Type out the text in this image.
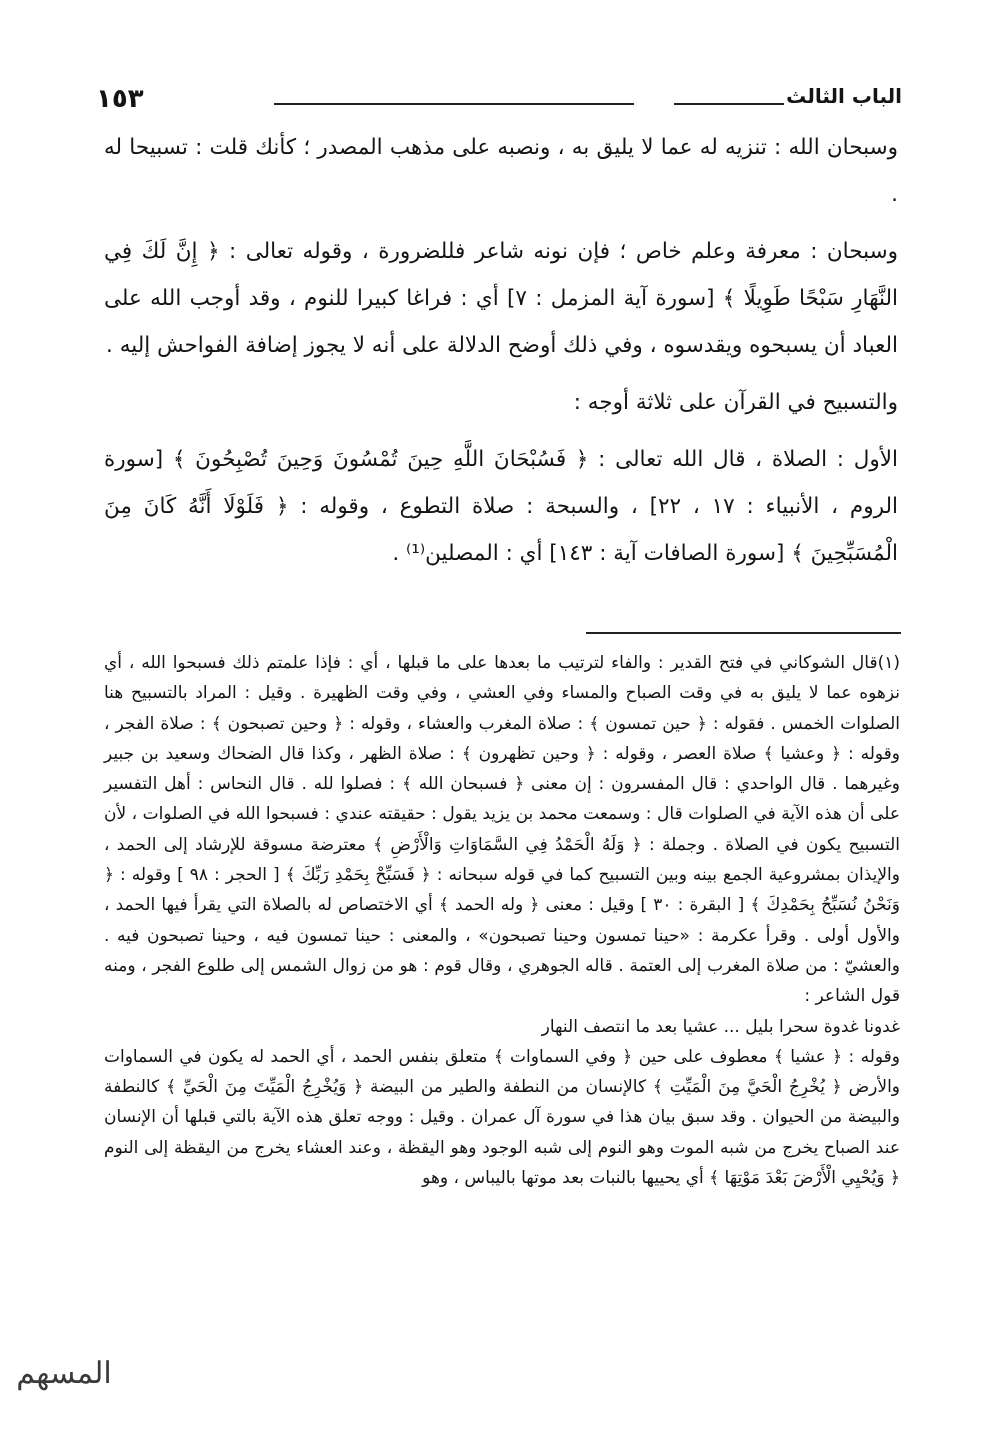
١٥٣	الباب الثالث

وسبحان الله : تنزيه له عما لا يليق به ، ونصبه على مذهب المصدر ؛ كأنك قلت : تسبيحا له .

وسبحان : معرفة وعلم خاص ؛ فإن نونه شاعر فللضرورة ، وقوله تعالى : ﴿ إِنَّ لَكَ فِي النَّهَارِ سَبْحًا طَوِيلًا ﴾ [سورة آية المزمل : ٧] أي : فراغا كبيرا للنوم ، وقد أوجب الله على العباد أن يسبحوه ويقدسوه ، وفي ذلك أوضح الدلالة على أنه لا يجوز إضافة الفواحش إليه .

والتسبيح في القرآن على ثلاثة أوجه :

الأول : الصلاة ، قال الله تعالى : ﴿ فَسُبْحَانَ اللَّهِ حِينَ تُمْسُونَ وَحِينَ تُصْبِحُونَ ﴾ [سورة الروم ، الأنبياء : ١٧ ، ٢٢] ، والسبحة : صلاة التطوع ، وقوله : ﴿ فَلَوْلَا أَنَّهُ كَانَ مِنَ الْمُسَبِّحِينَ ﴾ [سورة الصافات آية : ١٤٣] أي : المصلين⁽¹⁾ .

(١)قال الشوكاني في فتح القدير : والفاء لترتيب ما بعدها على ما قبلها ، أي : فإذا علمتم ذلك فسبحوا الله ، أي نزهوه عما لا يليق به في وقت الصباح والمساء وفي العشي ، وفي وقت الظهيرة . وقيل : المراد بالتسبيح هنا الصلوات الخمس . فقوله : ﴿ حين تمسون ﴾ : صلاة المغرب والعشاء ، وقوله : ﴿ وحين تصبحون ﴾ : صلاة الفجر ، وقوله : ﴿ وعشيا ﴾ صلاة العصر ، وقوله : ﴿ وحين تظهرون ﴾ : صلاة الظهر ، وكذا قال الضحاك وسعيد بن جبير وغيرهما . قال الواحدي : قال المفسرون : إن معنى ﴿ فسبحان الله ﴾ : فصلوا لله . قال النحاس : أهل التفسير على أن هذه الآية في الصلوات قال : وسمعت محمد بن يزيد يقول : حقيقته عندي : فسبحوا الله في الصلوات ، لأن التسبيح يكون في الصلاة . وجملة : ﴿ وَلَهُ الْحَمْدُ فِي السَّمَاوَاتِ وَالْأَرْضِ ﴾ معترضة مسوقة للإرشاد إلى الحمد ، والإيذان بمشروعية الجمع بينه وبين التسبيح كما في قوله سبحانه : ﴿ فَسَبِّحْ بِحَمْدِ رَبِّكَ ﴾ [ الحجر : ٩٨ ] وقوله : ﴿ وَنَحْنُ نُسَبِّحُ بِحَمْدِكَ ﴾ [ البقرة : ٣٠ ] وقيل : معنى ﴿ وله الحمد ﴾ أي الاختصاص له بالصلاة التي يقرأ فيها الحمد ، والأول أولى . وقرأ عكرمة : «حينا تمسون وحينا تصبحون» ، والمعنى : حينا تمسون فيه ، وحينا تصبحون فيه . والعشيّ : من صلاة المغرب إلى العتمة . قاله الجوهري ، وقال قوم : هو من زوال الشمس إلى طلوع الفجر ، ومنه قول الشاعر :

غدونا غدوة سحرا بليل ... عشيا بعد ما انتصف النهار

وقوله : ﴿ عشيا ﴾ معطوف على حين ﴿ وفي السماوات ﴾ متعلق بنفس الحمد ، أي الحمد له يكون في السماوات والأرض ﴿ يُخْرِجُ الْحَيَّ مِنَ الْمَيِّتِ ﴾ كالإنسان من النطفة والطير من البيضة ﴿ وَيُخْرِجُ الْمَيِّتَ مِنَ الْحَيِّ ﴾ كالنطفة والبيضة من الحيوان . وقد سبق بيان هذا في سورة آل عمران . وقيل : ووجه تعلق هذه الآية بالتي قبلها أن الإنسان عند الصباح يخرج من شبه الموت وهو النوم إلى شبه الوجود وهو اليقظة ، وعند العشاء يخرج من اليقظة إلى النوم ﴿ وَيُحْيِي الْأَرْضَ بَعْدَ مَوْتِهَا ﴾ أي يحييها بالنبات بعد موتها باليباس ، وهو

المسهم
